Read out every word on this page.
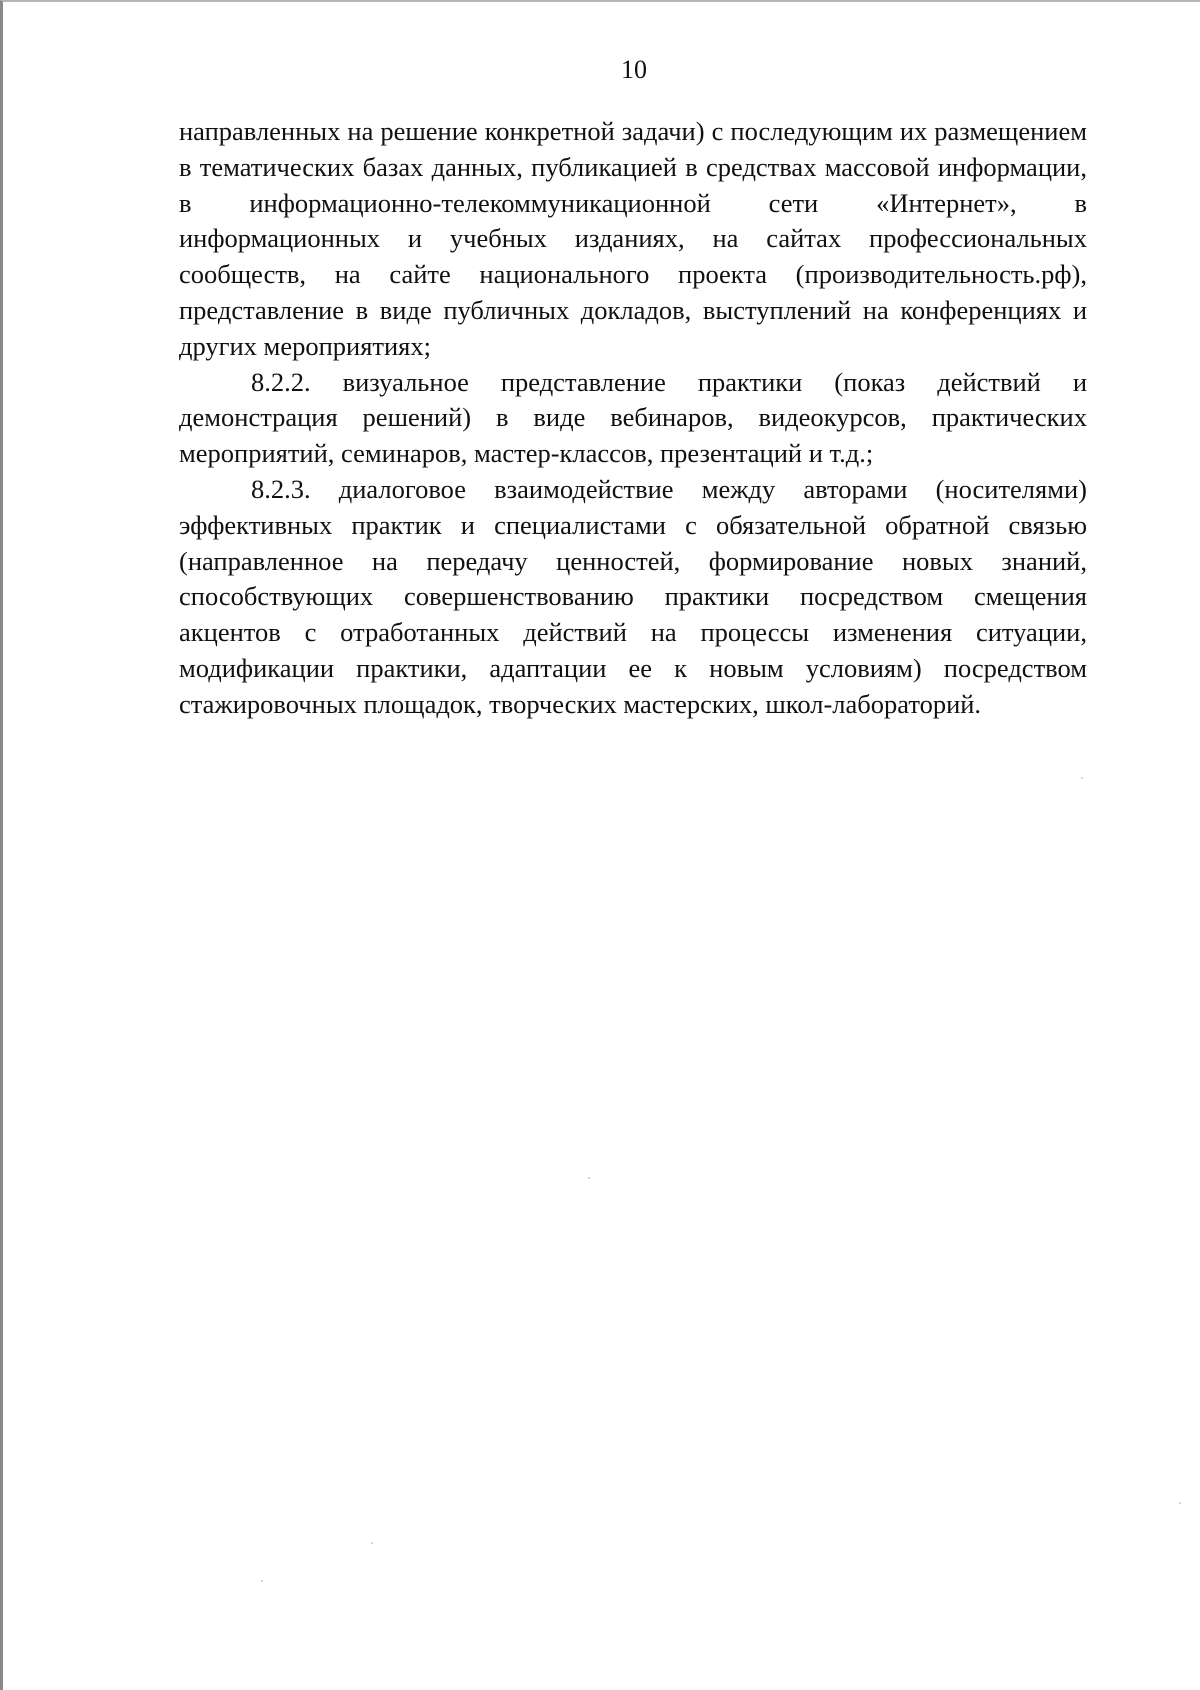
10

направленных на решение конкретной задачи) с последующим их размещением в тематических базах данных, публикацией в средствах массовой информации, в информационно-телекоммуникационной сети «Интернет», в информационных и учебных изданиях, на сайтах профессиональных сообществ, на сайте национального проекта (производительность.рф), представление в виде публичных докладов, выступлений на конференциях и других мероприятиях;

8.2.2. визуальное представление практики (показ действий и демонстрация решений) в виде вебинаров, видеокурсов, практических мероприятий, семинаров, мастер-классов, презентаций и т.д.;

8.2.3. диалоговое взаимодействие между авторами (носителями) эффективных практик и специалистами с обязательной обратной связью (направленное на передачу ценностей, формирование новых знаний, способствующих совершенствованию практики посредством смещения акцентов с отработанных действий на процессы изменения ситуации, модификации практики, адаптации ее к новым условиям) посредством стажировочных площадок, творческих мастерских, школ-лабораторий.
